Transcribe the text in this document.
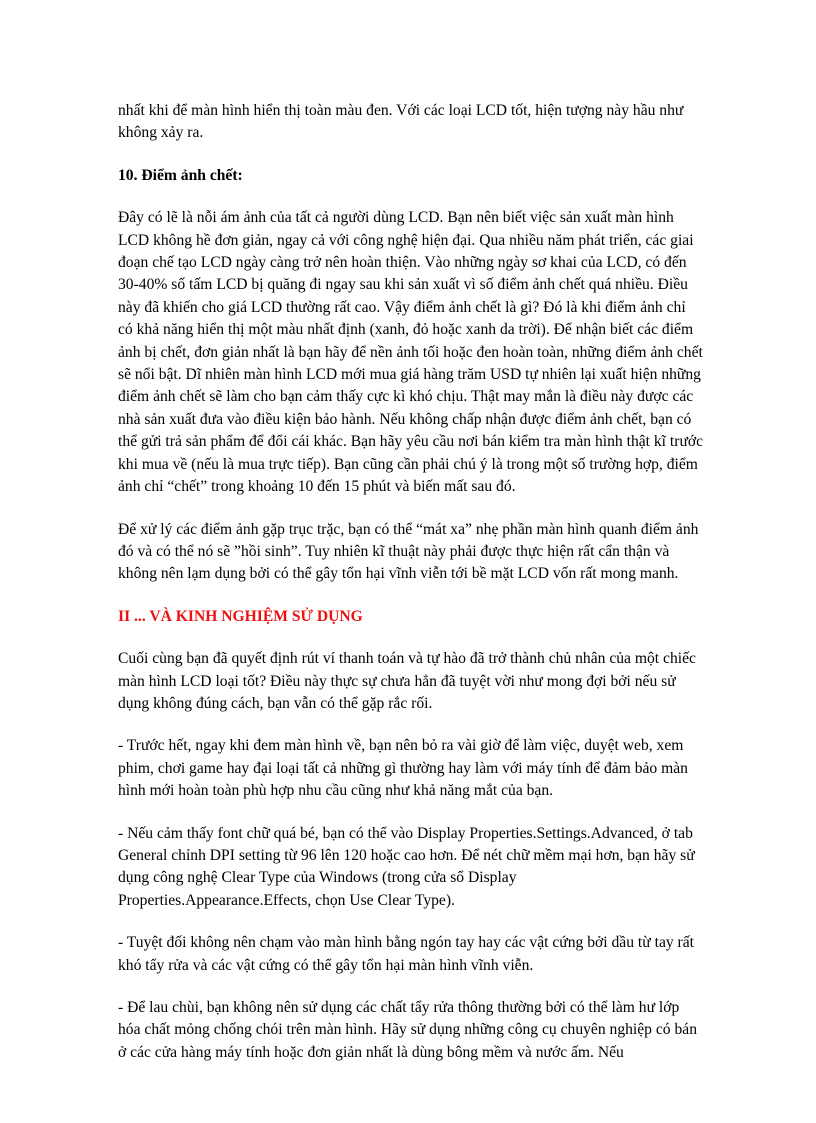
nhất khi để màn hình hiển thị toàn màu đen. Với các loại LCD tốt, hiện tượng này hầu như không xảy ra.

10. Điểm ảnh chết:

Đây có lẽ là nỗi ám ảnh của tất cả người dùng LCD. Bạn nên biết việc sản xuất màn hình LCD không hề đơn giản, ngay cả với công nghệ hiện đại. Qua nhiều năm phát triển, các giai đoạn chế tạo LCD ngày càng trở nên hoàn thiện. Vào những ngày sơ khai của LCD, có đến 30-40% số tấm LCD bị quăng đi ngay sau khi sản xuất vì số điểm ảnh chết quá nhiều. Điều này đã khiến cho giá LCD thường rất cao. Vậy điểm ảnh chết là gì? Đó là khi điểm ảnh chỉ có khả năng hiển thị một màu nhất định (xanh, đỏ hoặc xanh da trời). Để nhận biết các điểm ảnh bị chết, đơn giản nhất là bạn hãy để nền ảnh tối hoặc đen hoàn toàn, những điểm ảnh chết sẽ nổi bật. Dĩ nhiên màn hình LCD mới mua giá hàng trăm USD tự nhiên lại xuất hiện những điểm ảnh chết sẽ làm cho bạn cảm thấy cực kì khó chịu. Thật may mắn là điều này được các nhà sản xuất đưa vào điều kiện bảo hành. Nếu không chấp nhận được điểm ảnh chết, bạn có thể gửi trả sản phẩm để đổi cái khác. Bạn hãy yêu cầu nơi bán kiểm tra màn hình thật kĩ trước khi mua về (nếu là mua trực tiếp). Bạn cũng cần phải chú ý là trong một số trường hợp, điểm ảnh chỉ “chết” trong khoảng 10 đến 15 phút và biến mất sau đó.

Để xử lý các điểm ảnh gặp trục trặc, bạn có thể “mát xa” nhẹ phần màn hình quanh điểm ảnh đó và có thể nó sẽ ”hồi sinh”. Tuy nhiên kĩ thuật này phải được thực hiện rất cẩn thận và không nên lạm dụng bởi có thể gây tổn hại vĩnh viễn tới bề mặt LCD vốn rất mong manh.

II ... VÀ KINH NGHIỆM SỬ DỤNG

Cuối cùng bạn đã quyết định rút ví thanh toán và tự hào đã trở thành chủ nhân của một chiếc màn hình LCD loại tốt? Điều này thực sự chưa hẳn đã tuyệt vời như mong đợi bởi nếu sử dụng không đúng cách, bạn vẫn có thể gặp rắc rối.

- Trước hết, ngay khi đem màn hình về, bạn nên bỏ ra vài giờ để làm việc, duyệt web, xem phim, chơi game hay đại loại tất cả những gì thường hay làm với máy tính để đảm bảo màn hình mới hoàn toàn phù hợp nhu cầu cũng như khả năng mắt của bạn.

- Nếu cảm thấy font chữ quá bé, bạn có thể vào Display Properties.Settings.Advanced, ở tab General chỉnh DPI setting từ 96 lên 120 hoặc cao hơn. Để nét chữ mềm mại hơn, bạn hãy sử dụng công nghệ Clear Type của Windows (trong cửa sổ Display Properties.Appearance.Effects, chọn Use Clear Type).

- Tuyệt đối không nên chạm vào màn hình bằng ngón tay hay các vật cứng bởi dầu từ tay rất khó tẩy rửa và các vật cứng có thể gây tổn hại màn hình vĩnh viễn.

- Để lau chùi, bạn không nên sử dụng các chất tẩy rửa thông thường bởi có thể làm hư lớp hóa chất mỏng chống chói trên màn hình. Hãy sử dụng những công cụ chuyên nghiệp có bán ở các cửa hàng máy tính hoặc đơn giản nhất là dùng bông mềm và nước ấm. Nếu
